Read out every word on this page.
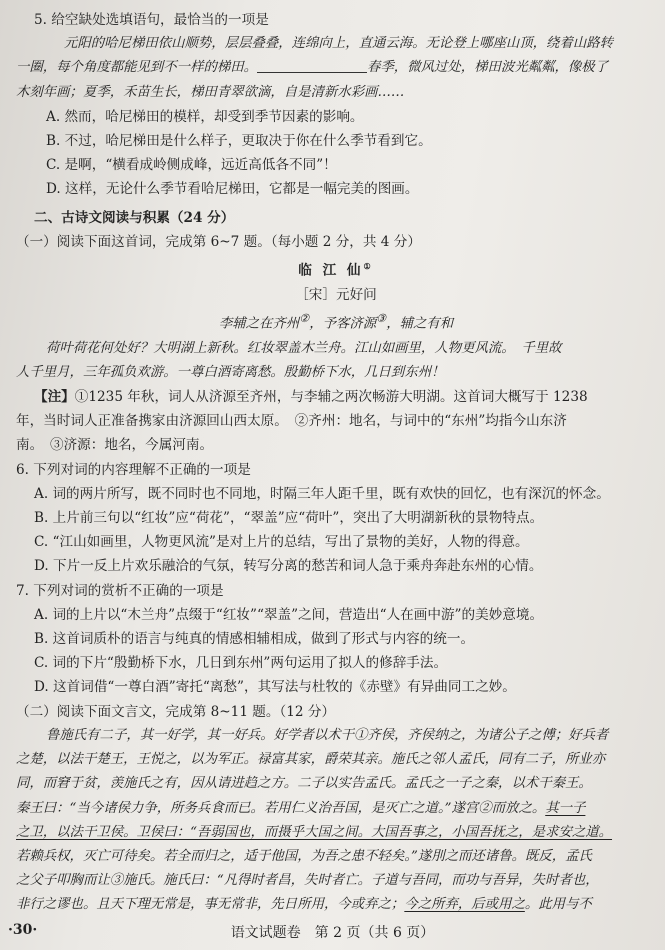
5. 给空缺处选填语句，最恰当的一项是

元阳的哈尼梯田依山顺势，层层叠叠，连绵向上，直通云海。无论登上哪座山顶，绕着山路转

一圈，每个角度都能见到不一样的梯田。	春季，微风过处，梯田波光粼粼，像极了

木刻年画；夏季，禾苗生长，梯田青翠欲滴，自是清新水彩画……

A. 然而，哈尼梯田的模样，却受到季节因素的影响。

B. 不过，哈尼梯田是什么样子，更取决于你在什么季节看到它。

C. 是啊，“横看成岭侧成峰，远近高低各不同”！

D. 这样，无论什么季节看哈尼梯田，它都是一幅完美的图画。

二、古诗文阅读与积累（24 分）

（一）阅读下面这首词，完成第 6~7 题。（每小题 2 分，共 4 分）

临 江 仙①

［宋］元好问

李辅之在齐州②，予客济源③，辅之有和

荷叶荷花何处好？大明湖上新秋。红妆翠盖木兰舟。江山如画里，人物更风流。　千里故

人千里月，三年孤负欢游。一尊白酒寄离愁。殷勤桥下水，几日到东州！

【注】①1235 年秋，词人从济源至齐州，与李辅之两次畅游大明湖。这首词大概写于 1238

年，当时词人正准备携家由济源回山西太原。　②齐州：地名，与词中的“东州”均指今山东济

南。　③济源：地名，今属河南。

6. 下列对词的内容理解不正确的一项是

A. 词的两片所写，既不同时也不同地，时隔三年人距千里，既有欢快的回忆，也有深沉的怀念。

B. 上片前三句以“红妆”应“荷花”，“翠盖”应“荷叶”，突出了大明湖新秋的景物特点。

C. “江山如画里，人物更风流”是对上片的总结，写出了景物的美好，人物的得意。

D. 下片一反上片欢乐融洽的气氛，转写分离的愁苦和词人急于乘舟奔赴东州的心情。

7. 下列对词的赏析不正确的一项是

A. 词的上片以“木兰舟”点缀于“红妆”“翠盖”之间，营造出“人在画中游”的美妙意境。

B. 这首词质朴的语言与纯真的情感相辅相成，做到了形式与内容的统一。

C. 词的下片“殷勤桥下水，几日到东州”两句运用了拟人的修辞手法。

D. 这首词借“一尊白酒”寄托“离愁”，其写法与杜牧的《赤壁》有异曲同工之妙。

（二）阅读下面文言文，完成第 8~11 题。（12 分）

鲁施氏有二子，其一好学，其一好兵。好学者以术干①齐侯，齐侯纳之，为诸公子之傅；好兵者

之楚，以法干楚王，王悦之，以为军正。禄富其家，爵荣其亲。施氏之邻人孟氏，同有二子，所业亦

同，而窘于贫，羡施氏之有，因从请进趋之方。二子以实告孟氏。孟氏之一子之秦，以术干秦王。

秦王曰：“当今诸侯力争，所务兵食而已。若用仁义治吾国，是灭亡之道。”遂宫②而放之。其一子

之卫，以法干卫侯。卫侯曰：“吾弱国也，而摄乎大国之间。大国吾事之，小国吾抚之，是求安之道。

若赖兵权，灭亡可待矣。若全而归之，适于他国，为吾之患不轻矣。”遂刖之而还诸鲁。既反，孟氏

之父子叩胸而让③施氏。施氏曰：“凡得时者昌，失时者亡。子道与吾同，而功与吾异，失时者也，

非行之谬也。且天下理无常是，事无常非，先日所用，今或弃之；今之所弃，后或用之。此用与不

·30·	语文试题卷　第 2 页（共 6 页）
